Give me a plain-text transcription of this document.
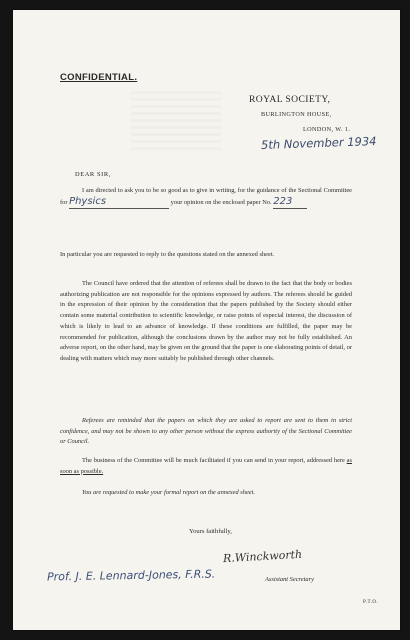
CONFIDENTIAL.
ROYAL SOCIETY,
BURLINGTON HOUSE,
LONDON, W. 1.
5th November 1934
DEAR SIR,
I am directed to ask you to be so good as to give in writing, for the guidance of the Sectional Committee for Physics	your opinion on the enclosed paper No. 223
In particular you are requested to reply to the questions stated on the annexed sheet.
The Council have ordered that the attention of referees shall be drawn to the fact that the body or bodies authorizing publication are not responsible for the opinions expressed by authors. The referees should be guided in the expression of their opinion by the consideration that the papers published by the Society should either contain some material contribution to scientific knowledge, or raise points of especial interest, the discussion of which is likely to lead to an advance of knowledge. If these conditions are fulfilled, the paper may be recommended for publication, although the conclusions drawn by the author may not be fully established. An adverse report, on the other hand, may be given on the ground that the paper is one elaborating points of detail, or dealing with matters which may more suitably be published through other channels.
Referees are reminded that the papers on which they are asked to report are sent to them in strict confidence, and may not be shown to any other person without the express authority of the Sectional Committee or Council.
The business of the Committee will be much facilitated if you can send in your report, addressed here as soon as possible.
You are requested to make your formal report on the annexed sheet.
Yours faithfully,
R.Winckworth
Assistant Secretary
Prof. J. E. Lennard-Jones, F.R.S.
P.T.O.
